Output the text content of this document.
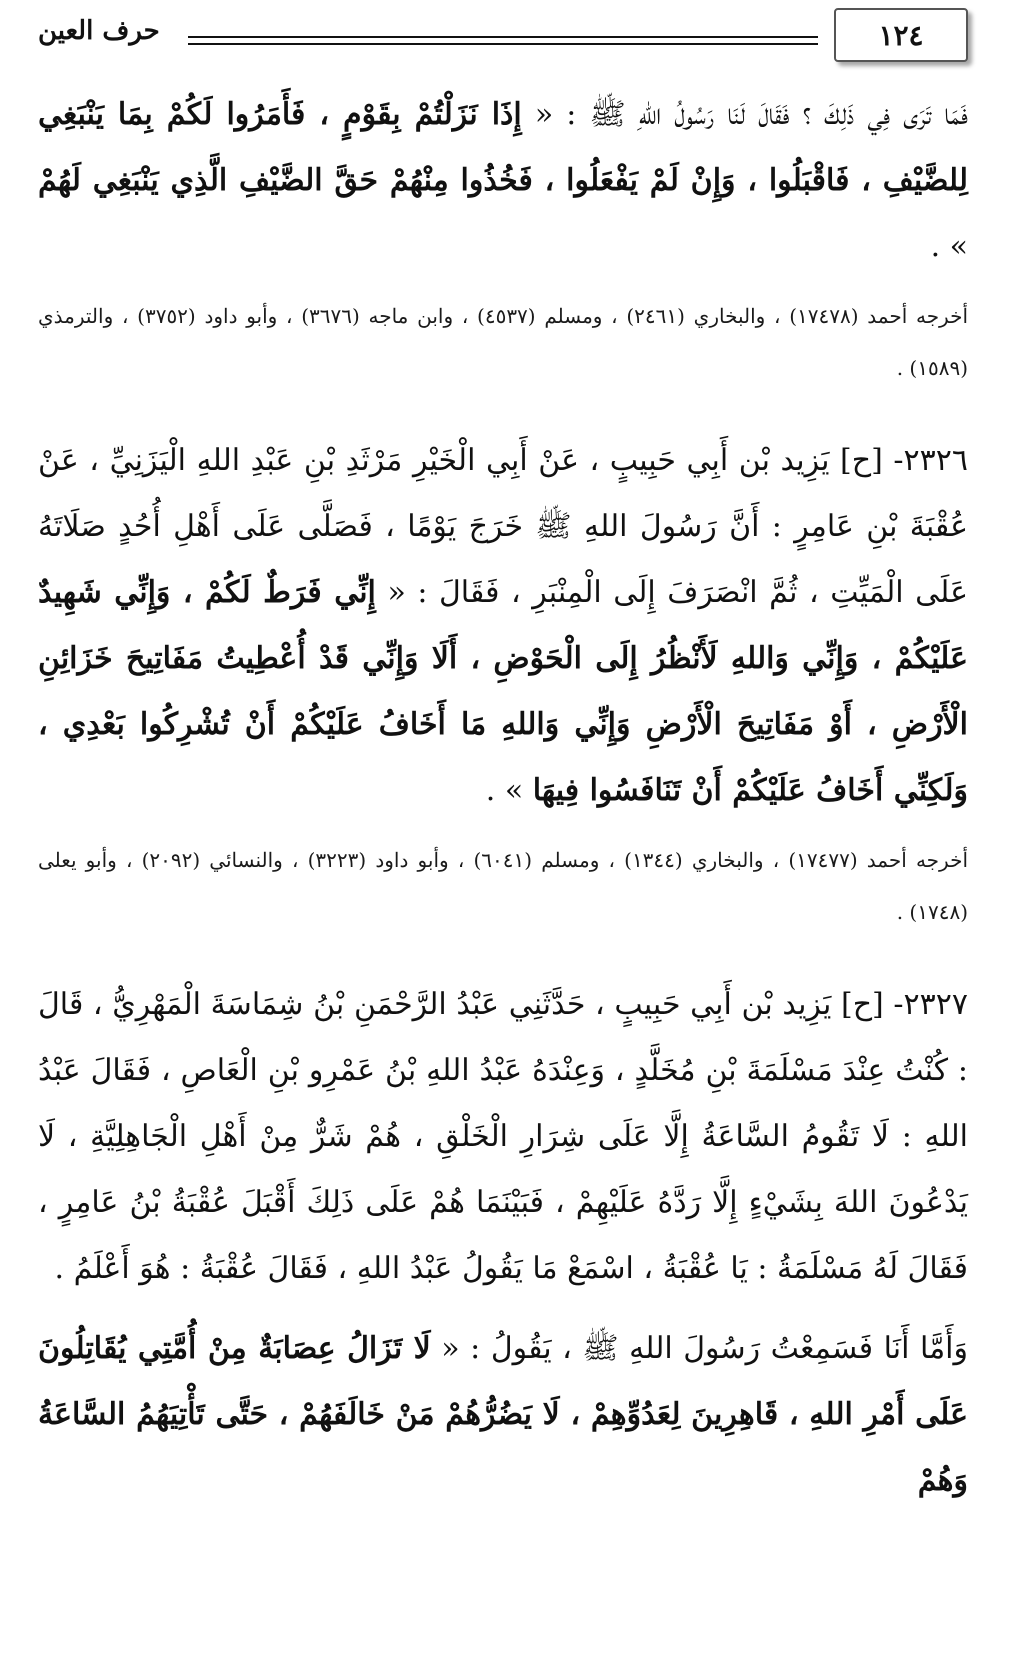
١٢٤
حرف العين

فَمَا تَرَى فِي ذَلِكَ ؟ فَقَالَ لَنَا رَسُولُ اللهِ ﷺ : « إِذَا نَزَلْتُمْ بِقَوْمٍ ، فَأَمَرُوا لَكُمْ بِمَا يَنْبَغِي لِلضَّيْفِ ، فَاقْبَلُوا ، وَإِنْ لَمْ يَفْعَلُوا ، فَخُذُوا مِنْهُمْ حَقَّ الضَّيْفِ الَّذِي يَنْبَغِي لَهُمْ » .

أخرجه أحمد (١٧٤٧٨) ، والبخاري (٢٤٦١) ، ومسلم (٤٥٣٧) ، وابن ماجه (٣٦٧٦) ، وأبو داود (٣٧٥٢) ، والترمذي (١٥٨٩) .

٢٣٢٦- [ح] يَزِيد بْن أَبِي حَبِيبٍ ، عَنْ أَبِي الْخَيْرِ مَرْثَدِ بْنِ عَبْدِ اللهِ الْيَزَنِيِّ ، عَنْ عُقْبَةَ بْنِ عَامِرٍ : أَنَّ رَسُولَ اللهِ ﷺ خَرَجَ يَوْمًا ، فَصَلَّى عَلَى أَهْلِ أُحُدٍ صَلَاتَهُ عَلَى الْمَيِّتِ ، ثُمَّ انْصَرَفَ إِلَى الْمِنْبَرِ ، فَقَالَ : « إِنِّي فَرَطٌ لَكُمْ ، وَإِنِّي شَهِيدٌ عَلَيْكُمْ ، وَإِنِّي وَاللهِ لَأَنْظُرُ إِلَى الْحَوْضِ ، أَلَا وَإِنِّي قَدْ أُعْطِيتُ مَفَاتِيحَ خَزَائِنِ الْأَرْضِ ، أَوْ مَفَاتِيحَ الْأَرْضِ وَإِنِّي وَاللهِ مَا أَخَافُ عَلَيْكُمْ أَنْ تُشْرِكُوا بَعْدِي ، وَلَكِنِّي أَخَافُ عَلَيْكُمْ أَنْ تَنَافَسُوا فِيهَا » .

أخرجه أحمد (١٧٤٧٧) ، والبخاري (١٣٤٤) ، ومسلم (٦٠٤١) ، وأبو داود (٣٢٢٣) ، والنسائي (٢٠٩٢) ، وأبو يعلى (١٧٤٨) .

٢٣٢٧- [ح] يَزِيد بْن أَبِي حَبِيبٍ ، حَدَّثَنِي عَبْدُ الرَّحْمَنِ بْنُ شِمَاسَةَ الْمَهْرِيُّ ، قَالَ : كُنْتُ عِنْدَ مَسْلَمَةَ بْنِ مُخَلَّدٍ ، وَعِنْدَهُ عَبْدُ اللهِ بْنُ عَمْرِو بْنِ الْعَاصِ ، فَقَالَ عَبْدُ اللهِ : لَا تَقُومُ السَّاعَةُ إِلَّا عَلَى شِرَارِ الْخَلْقِ ، هُمْ شَرٌّ مِنْ أَهْلِ الْجَاهِلِيَّةِ ، لَا يَدْعُونَ اللهَ بِشَيْءٍ إِلَّا رَدَّهُ عَلَيْهِمْ ، فَبَيْنَمَا هُمْ عَلَى ذَلِكَ أَقْبَلَ عُقْبَةُ بْنُ عَامِرٍ ، فَقَالَ لَهُ مَسْلَمَةُ : يَا عُقْبَةُ ، اسْمَعْ مَا يَقُولُ عَبْدُ اللهِ ، فَقَالَ عُقْبَةُ : هُوَ أَعْلَمُ .

وَأَمَّا أَنَا فَسَمِعْتُ رَسُولَ اللهِ ﷺ ، يَقُولُ : « لَا تَزَالُ عِصَابَةٌ مِنْ أُمَّتِي يُقَاتِلُونَ عَلَى أَمْرِ اللهِ ، قَاهِرِينَ لِعَدُوِّهِمْ ، لَا يَضُرُّهُمْ مَنْ خَالَفَهُمْ ، حَتَّى تَأْتِيَهُمُ السَّاعَةُ وَهُمْ
